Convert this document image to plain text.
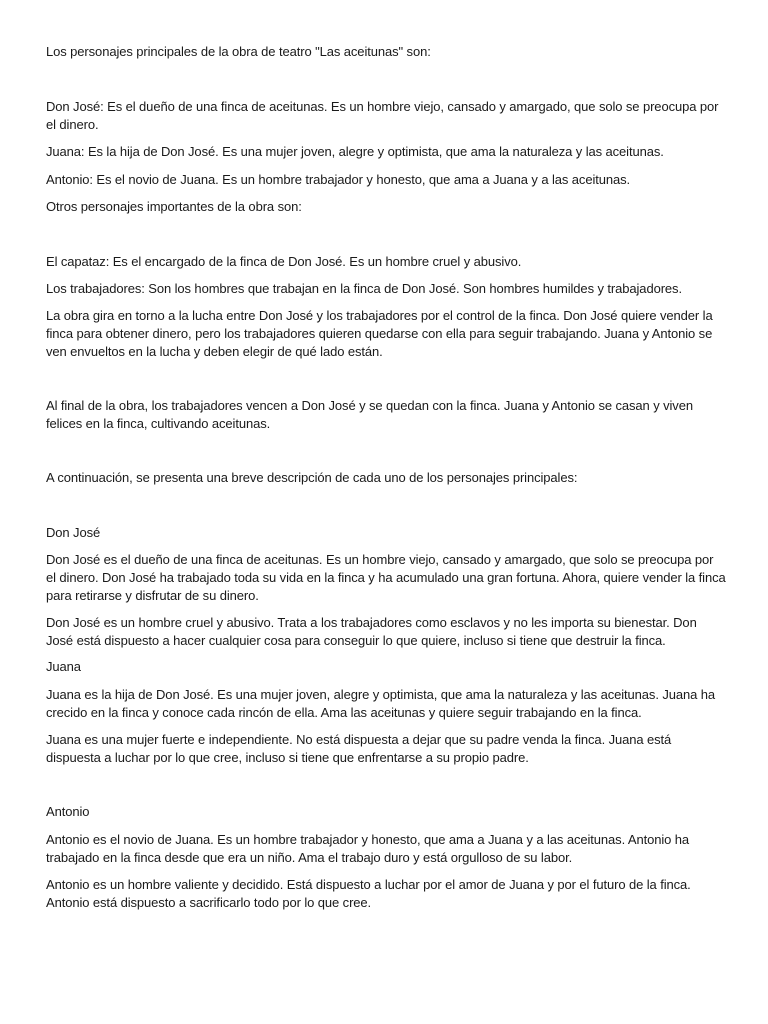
Los personajes principales de la obra de teatro "Las aceitunas" son:

Don José: Es el dueño de una finca de aceitunas. Es un hombre viejo, cansado y amargado, que solo se preocupa por el dinero.

Juana: Es la hija de Don José. Es una mujer joven, alegre y optimista, que ama la naturaleza y las aceitunas.

Antonio: Es el novio de Juana. Es un hombre trabajador y honesto, que ama a Juana y a las aceitunas.

Otros personajes importantes de la obra son:

El capataz: Es el encargado de la finca de Don José. Es un hombre cruel y abusivo.

Los trabajadores: Son los hombres que trabajan en la finca de Don José. Son hombres humildes y trabajadores.

La obra gira en torno a la lucha entre Don José y los trabajadores por el control de la finca. Don José quiere vender la finca para obtener dinero, pero los trabajadores quieren quedarse con ella para seguir trabajando. Juana y Antonio se ven envueltos en la lucha y deben elegir de qué lado están.

Al final de la obra, los trabajadores vencen a Don José y se quedan con la finca. Juana y Antonio se casan y viven felices en la finca, cultivando aceitunas.

A continuación, se presenta una breve descripción de cada uno de los personajes principales:

Don José

Don José es el dueño de una finca de aceitunas. Es un hombre viejo, cansado y amargado, que solo se preocupa por el dinero. Don José ha trabajado toda su vida en la finca y ha acumulado una gran fortuna. Ahora, quiere vender la finca para retirarse y disfrutar de su dinero.

Don José es un hombre cruel y abusivo. Trata a los trabajadores como esclavos y no les importa su bienestar. Don José está dispuesto a hacer cualquier cosa para conseguir lo que quiere, incluso si tiene que destruir la finca.

Juana

Juana es la hija de Don José. Es una mujer joven, alegre y optimista, que ama la naturaleza y las aceitunas. Juana ha crecido en la finca y conoce cada rincón de ella. Ama las aceitunas y quiere seguir trabajando en la finca.

Juana es una mujer fuerte e independiente. No está dispuesta a dejar que su padre venda la finca. Juana está dispuesta a luchar por lo que cree, incluso si tiene que enfrentarse a su propio padre.

Antonio

Antonio es el novio de Juana. Es un hombre trabajador y honesto, que ama a Juana y a las aceitunas. Antonio ha trabajado en la finca desde que era un niño. Ama el trabajo duro y está orgulloso de su labor.

Antonio es un hombre valiente y decidido. Está dispuesto a luchar por el amor de Juana y por el futuro de la finca. Antonio está dispuesto a sacrificarlo todo por lo que cree.
